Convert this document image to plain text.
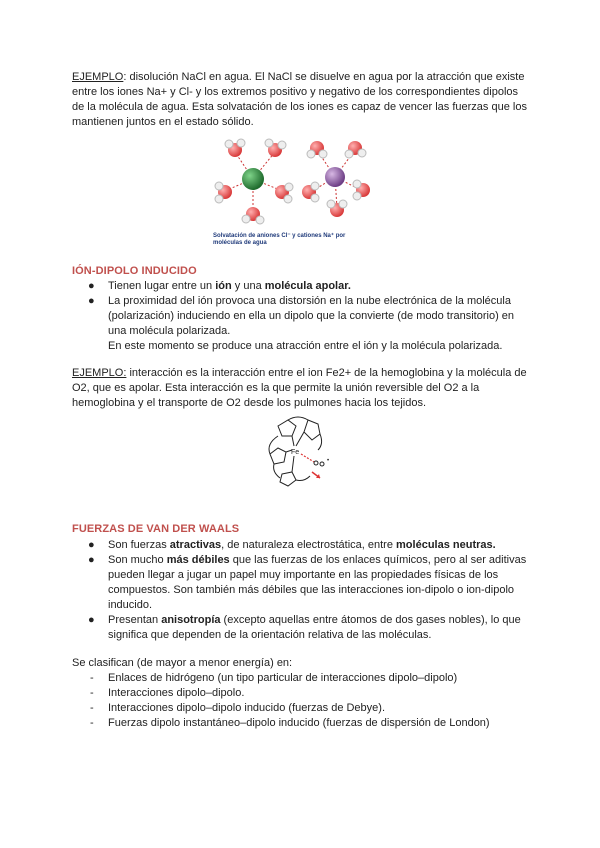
EJEMPLO: disolución NaCl en agua. El NaCl se disuelve en agua por la atracción que existe entre los iones Na+ y Cl- y los extremos positivo y negativo de los correspondientes dipolos de la molécula de agua. Esta solvatación de los iones es capaz de vencer las fuerzas que los mantienen juntos en el estado sólido.
Solvatación de aniones Cl⁻ y cationes Na⁺ por moléculas de agua
IÓN-DIPOLO INDUCIDO
● Tienen lugar entre un ión y una molécula apolar.
● La proximidad del ión provoca una distorsión en la nube electrónica de la molécula (polarización) induciendo en ella un dipolo que la convierte (de modo transitorio) en una molécula polarizada.
En este momento se produce una atracción entre el ión y la molécula polarizada.
EJEMPLO: interacción es la interacción entre el ion Fe2+ de la hemoglobina y la molécula de O2, que es apolar. Esta interacción es la que permite la unión reversible del O2 a la hemoglobina y el transporte de O2 desde los pulmones hacia los tejidos.
Fe
•
FUERZAS DE VAN DER WAALS
● Son fuerzas atractivas, de naturaleza electrostática, entre moléculas neutras.
● Son mucho más débiles que las fuerzas de los enlaces químicos, pero al ser aditivas pueden llegar a jugar un papel muy importante en las propiedades físicas de los compuestos. Son también más débiles que las interacciones ion-dipolo o ion-dipolo inducido.
● Presentan anisotropía (excepto aquellas entre átomos de dos gases nobles), lo que significa que dependen de la orientación relativa de las moléculas.
Se clasifican (de mayor a menor energía) en:
- Enlaces de hidrógeno (un tipo particular de interacciones dipolo–dipolo)
- Interacciones dipolo–dipolo.
- Interacciones dipolo–dipolo inducido (fuerzas de Debye).
- Fuerzas dipolo instantáneo–dipolo inducido (fuerzas de dispersión de London)
